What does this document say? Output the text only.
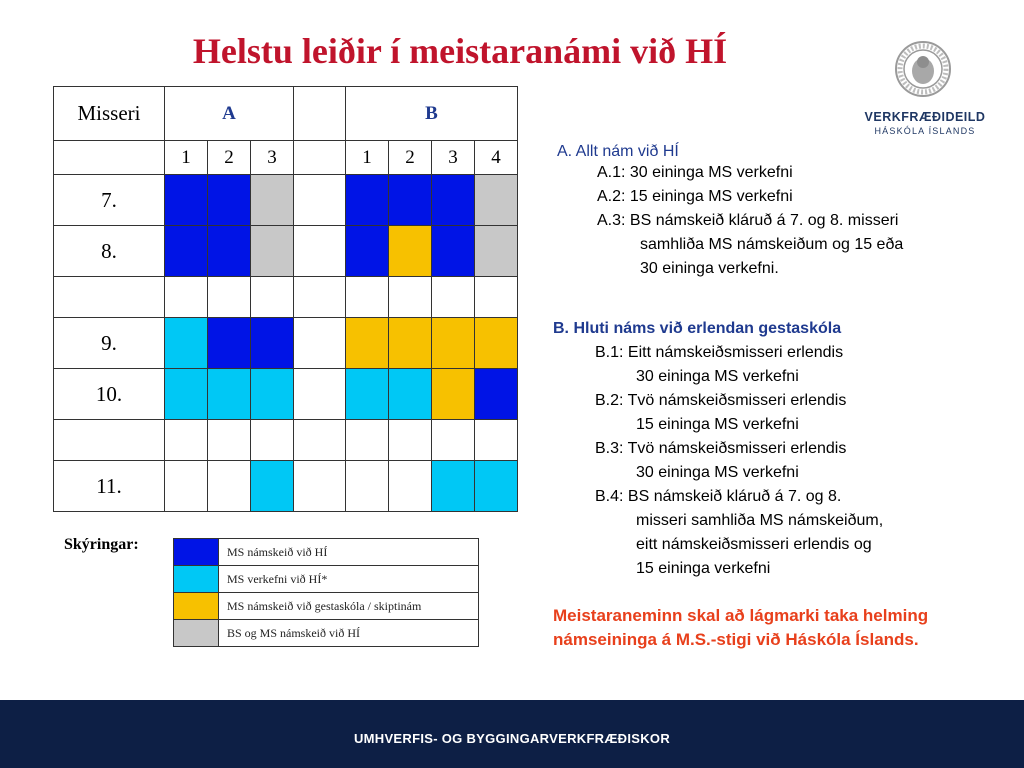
Helstu leiðir í meistaranámi við HÍ
VERKFRÆÐIDEILD
HÁSKÓLA ÍSLANDS
Misseri	A				B			
	1	2	3		1	2	3	4
7.								
8.								

9.								
10.								

11.								
Skýringar:
		MS námskeið við HÍ
	MS verkefni við HÍ*
	MS námskeið við gestaskóla / skiptinám
	BS og MS námskeið við HÍ
A. Allt nám við HÍ
A.1: 30 eininga MS verkefni
A.2: 15 eininga MS verkefni
A.3: BS námskeið kláruð á 7. og 8. misseri
samhliða MS námskeiðum og 15 eða
30 eininga verkefni.
B. Hluti náms við erlendan gestaskóla
B.1: Eitt námskeiðsmisseri erlendis
30 eininga MS verkefni
B.2: Tvö námskeiðsmisseri erlendis
15 eininga MS verkefni
B.3: Tvö námskeiðsmisseri erlendis
30 eininga MS verkefni
B.4: BS námskeið kláruð á 7. og 8.
misseri samhliða MS námskeiðum,
eitt námskeiðsmisseri erlendis og
15 eininga verkefni
Meistaraneminn skal að lágmarki taka helming námseininga á M.S.-stigi við Háskóla Íslands.
UMHVERFIS- OG BYGGINGARVERKFRÆÐISKOR
